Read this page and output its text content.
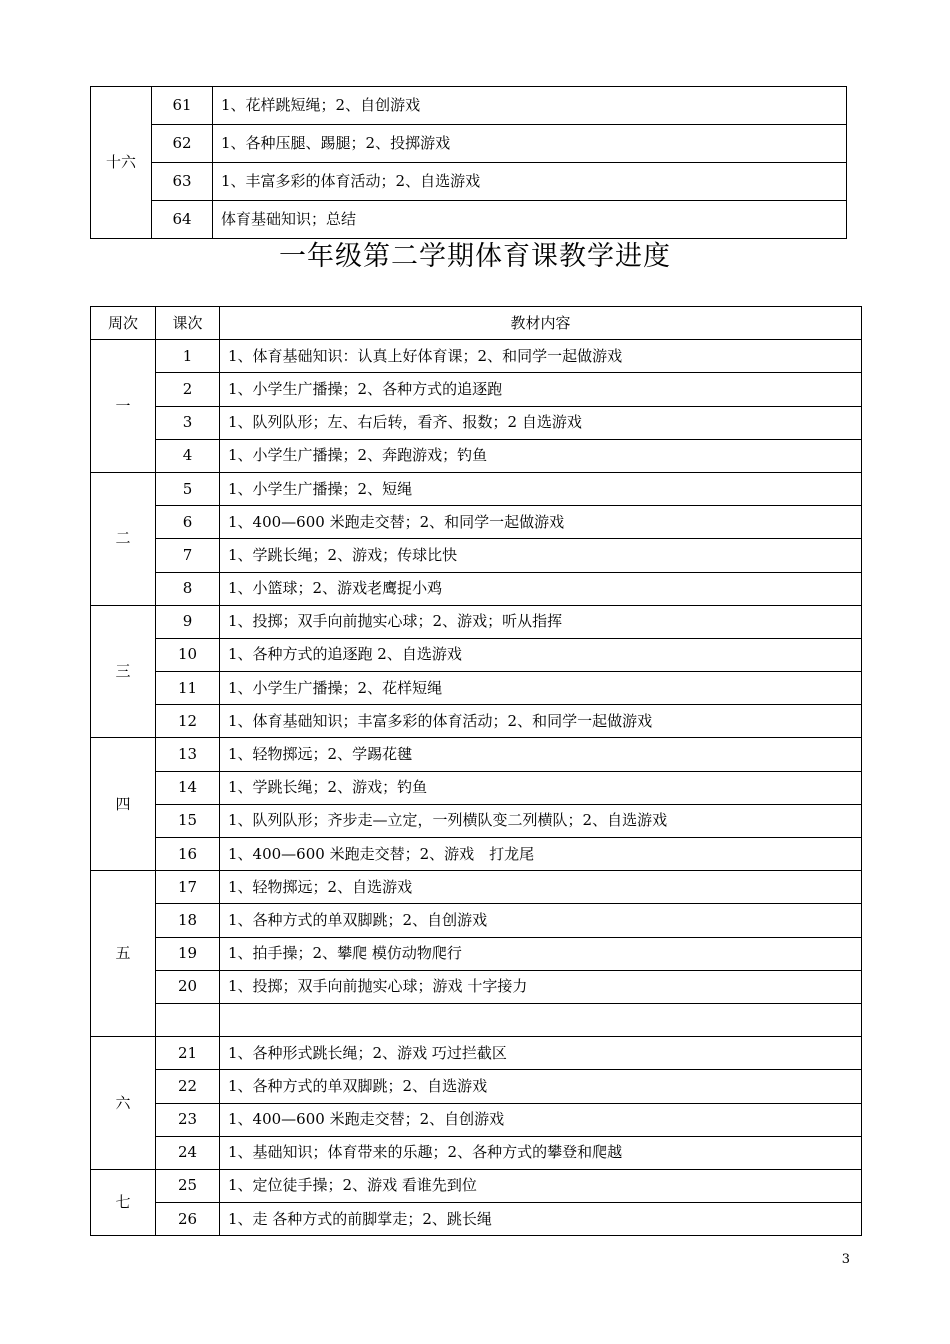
十六	61	1、花样跳短绳；2、自创游戏
	62	1、各种压腿、踢腿；2、投掷游戏
	63	1、丰富多彩的体育活动；2、自选游戏
	64	体育基础知识；总结
一年级第二学期体育课教学进度
周次	课次	教材内容
一	1	1、体育基础知识：认真上好体育课；2、和同学一起做游戏
	2	1、小学生广播操；2、各种方式的追逐跑
	3	1、队列队形；左、右后转，看齐、报数；2 自选游戏
	4	1、小学生广播操；2、奔跑游戏；钓鱼
二	5	1、小学生广播操；2、短绳
	6	1、400—600 米跑走交替；2、和同学一起做游戏
	7	1、学跳长绳；2、游戏；传球比快
	8	1、小篮球；2、游戏老鹰捉小鸡
三	9	1、投掷；双手向前抛实心球；2、游戏；听从指挥
	10	1、各种方式的追逐跑 2、自选游戏
	11	1、小学生广播操；2、花样短绳
	12	1、体育基础知识；丰富多彩的体育活动；2、和同学一起做游戏
四	13	1、轻物掷远；2、学踢花毽
	14	1、学跳长绳；2、游戏；钓鱼
	15	1、队列队形；齐步走—立定，一列横队变二列横队；2、自选游戏
	16	1、400—600 米跑走交替；2、游戏　打龙尾
五	17	1、轻物掷远；2、自选游戏
	18	1、各种方式的单双脚跳；2、自创游戏
	19	1、拍手操；2、攀爬 模仿动物爬行
	20	1、投掷；双手向前抛实心球；游戏 十字接力

六	21	1、各种形式跳长绳；2、游戏 巧过拦截区
	22	1、各种方式的单双脚跳；2、自选游戏
	23	1、400—600 米跑走交替；2、自创游戏
	24	1、基础知识；体育带来的乐趣；2、各种方式的攀登和爬越
七	25	1、定位徒手操；2、游戏 看谁先到位
	26	1、走 各种方式的前脚掌走；2、跳长绳
3
